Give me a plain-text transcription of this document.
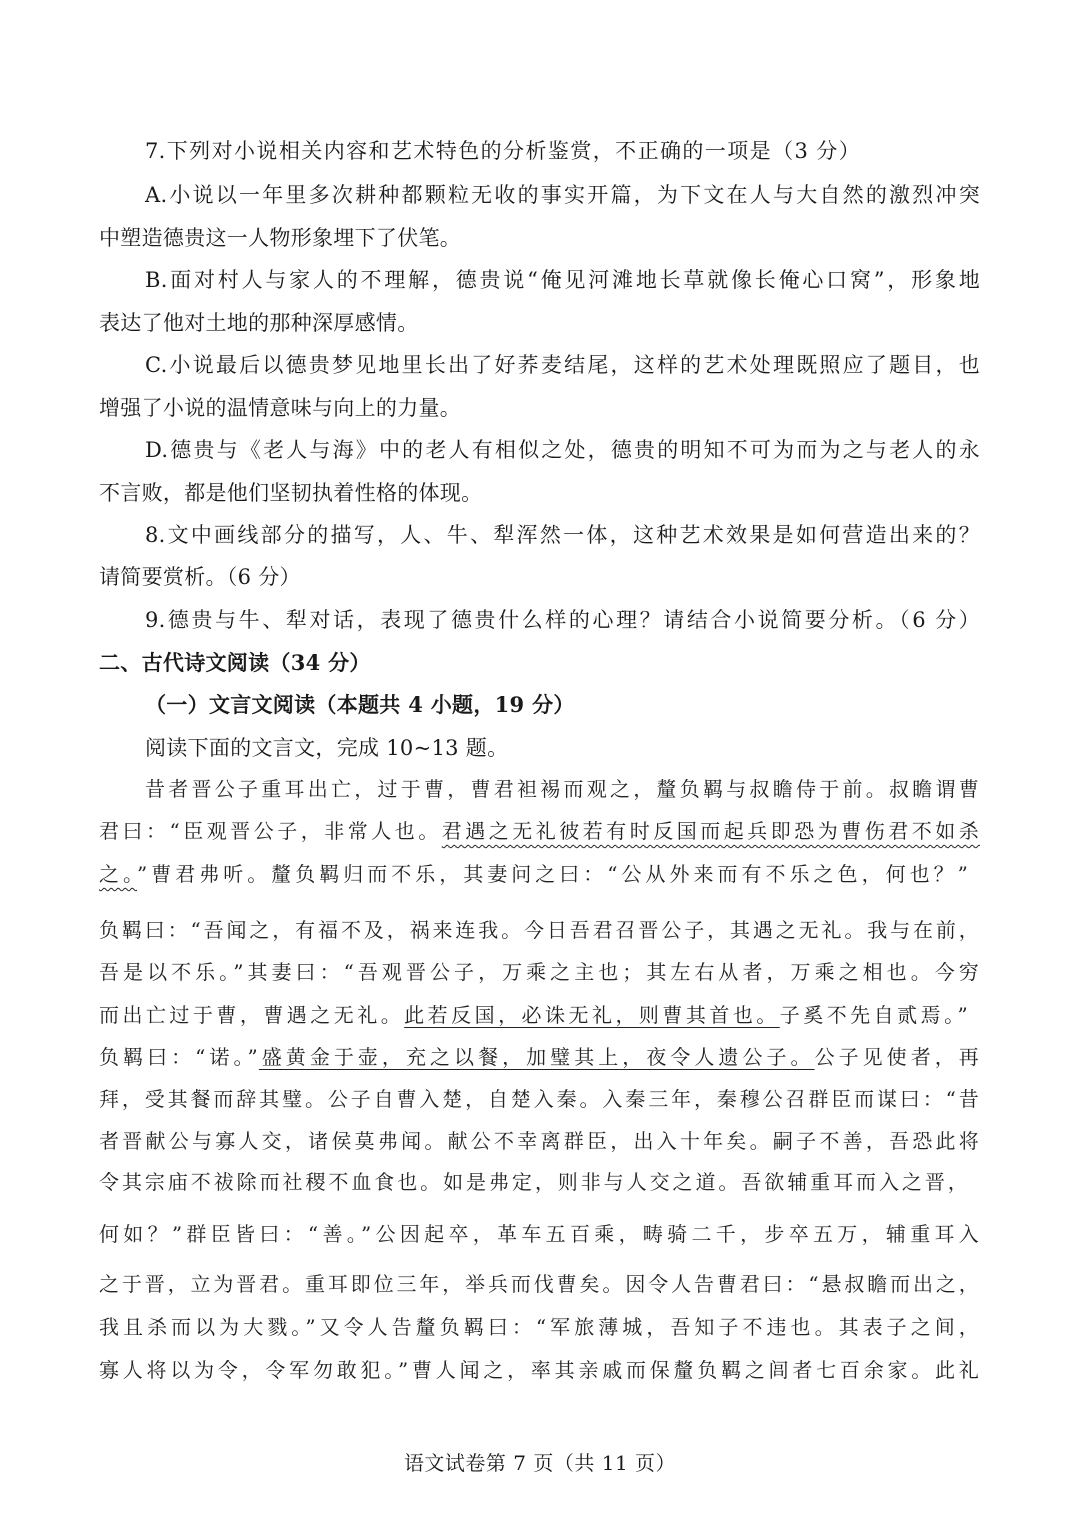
7.下列对小说相关内容和艺术特色的分析鉴赏，不正确的一项是（3 分）
A.小说以一年里多次耕种都颗粒无收的事实开篇，为下文在人与大自然的激烈冲突
中塑造德贵这一人物形象埋下了伏笔。
B.面对村人与家人的不理解，德贵说“俺见河滩地长草就像长俺心口窝”，形象地
表达了他对土地的那种深厚感情。
C.小说最后以德贵梦见地里长出了好荞麦结尾，这样的艺术处理既照应了题目，也
增强了小说的温情意味与向上的力量。
D.德贵与《老人与海》中的老人有相似之处，德贵的明知不可为而为之与老人的永
不言败，都是他们坚韧执着性格的体现。
8.文中画线部分的描写，人、牛、犁浑然一体，这种艺术效果是如何营造出来的？
请简要赏析。（6 分）
9.德贵与牛、犁对话，表现了德贵什么样的心理？请结合小说简要分析。（6 分）
二、古代诗文阅读（34 分）
（一）文言文阅读（本题共 4 小题，19 分）
阅读下面的文言文，完成 10~13 题。
昔者晋公子重耳出亡，过于曹，曹君袒裼而观之，釐负羁与叔瞻侍于前。叔瞻谓曹
君曰：“臣观晋公子，非常人也。君遇之无礼彼若有时反国而起兵即恐为曹伤君不如杀
之。”曹君弗听。釐负羁归而不乐，其妻问之曰：“公从外来而有不乐之色，何也？”
负羁曰：“吾闻之，有福不及，祸来连我。今日吾君召晋公子，其遇之无礼。我与在前，
吾是以不乐。”其妻曰：“吾观晋公子，万乘之主也；其左右从者，万乘之相也。今穷
而出亡过于曹，曹遇之无礼。此若反国，必诛无礼，则曹其首也。子奚不先自贰焉。”
负羁曰：“诺。”盛黄金于壶，充之以餐，加璧其上，夜令人遗公子。公子见使者，再
拜，受其餐而辞其璧。公子自曹入楚，自楚入秦。入秦三年，秦穆公召群臣而谋曰：“昔
者晋献公与寡人交，诸侯莫弗闻。献公不幸离群臣，出入十年矣。嗣子不善，吾恐此将
令其宗庙不祓除而社稷不血食也。如是弗定，则非与人交之道。吾欲辅重耳而入之晋，
何如？”群臣皆曰：“善。”公因起卒，革车五百乘，畴骑二千，步卒五万，辅重耳入
之于晋，立为晋君。重耳即位三年，举兵而伐曹矣。因令人告曹君曰：“悬叔瞻而出之，
我且杀而以为大戮。”又令人告釐负羁曰：“军旅薄城，吾知子不违也。其表子之间，
寡人将以为令，令军勿敢犯。”曹人闻之，率其亲戚而保釐负羁之闾者七百余家。此礼
语文试卷第 7 页（共 11 页）
